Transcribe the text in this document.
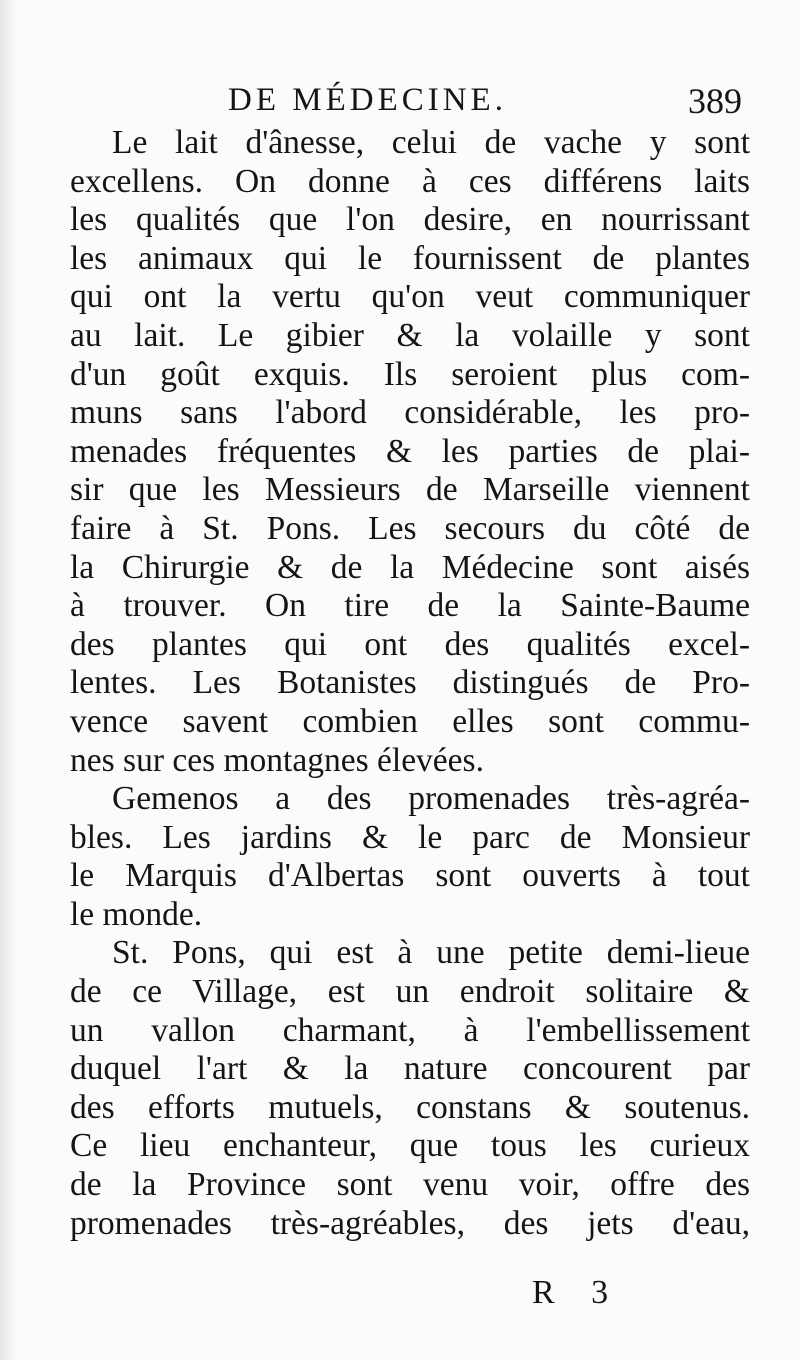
DE MÉDECINE.	389
Le lait d'ânesse, celui de vache y sont
excellens. On donne à ces différens laits
les qualités que l'on desire, en nourrissant
les animaux qui le fournissent de plantes
qui ont la vertu qu'on veut communiquer
au lait. Le gibier & la volaille y sont
d'un goût exquis. Ils seroient plus com-
muns sans l'abord considérable, les pro-
menades fréquentes & les parties de plai-
sir que les Messieurs de Marseille viennent
faire à St. Pons. Les secours du côté de
la Chirurgie & de la Médecine sont aisés
à trouver. On tire de la Sainte-Baume
des plantes qui ont des qualités excel-
lentes. Les Botanistes distingués de Pro-
vence savent combien elles sont commu-
nes sur ces montagnes élevées.
Gemenos a des promenades très-agréa-
bles. Les jardins & le parc de Monsieur
le Marquis d'Albertas sont ouverts à tout
le monde.
St. Pons, qui est à une petite demi-lieue
de ce Village, est un endroit solitaire &
un vallon charmant, à l'embellissement
duquel l'art & la nature concourent par
des efforts mutuels, constans & soutenus.
Ce lieu enchanteur, que tous les curieux
de la Province sont venu voir, offre des
promenades très-agréables, des jets d'eau,
R 3
